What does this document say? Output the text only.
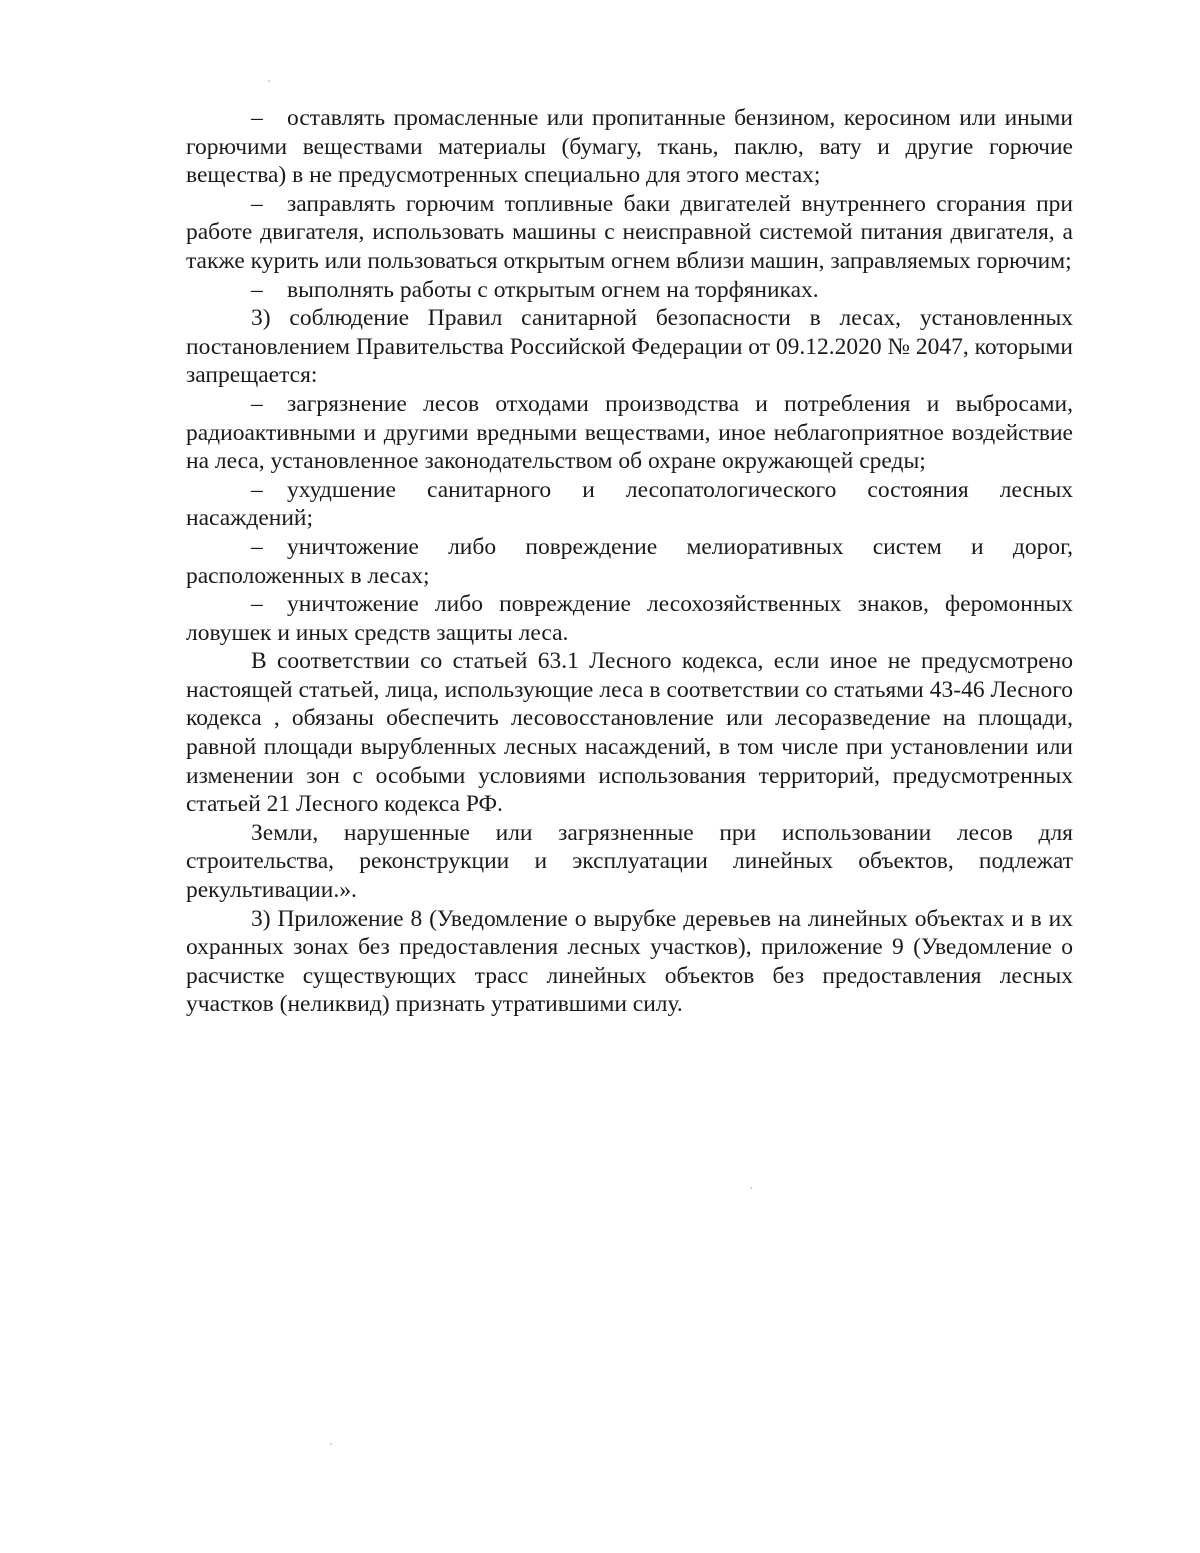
– оставлять промасленные или пропитанные бензином, керосином или иными горючими веществами материалы (бумагу, ткань, паклю, вату и другие горючие вещества) в не предусмотренных специально для этого местах;

– заправлять горючим топливные баки двигателей внутреннего сгорания при работе двигателя, использовать машины с неисправной системой питания двигателя, а также курить или пользоваться открытым огнем вблизи машин, заправляемых горючим;

– выполнять работы с открытым огнем на торфяниках.

3) соблюдение Правил санитарной безопасности в лесах, установленных постановлением Правительства Российской Федерации от 09.12.2020 № 2047, которыми запрещается:

– загрязнение лесов отходами производства и потребления и выбросами, радиоактивными и другими вредными веществами, иное неблагоприятное воздействие на леса, установленное законодательством об охране окружающей среды;

– ухудшение санитарного и лесопатологического состояния лесных насаждений;

– уничтожение либо повреждение мелиоративных систем и дорог, расположенных в лесах;

– уничтожение либо повреждение лесохозяйственных знаков, феромонных ловушек и иных средств защиты леса.

В соответствии со статьей 63.1 Лесного кодекса, если иное не предусмотрено настоящей статьей, лица, использующие леса в соответствии со статьями 43-46 Лесного кодекса , обязаны обеспечить лесовосстановление или лесоразведение на площади, равной площади вырубленных лесных насаждений, в том числе при установлении или изменении зон с особыми условиями использования территорий, предусмотренных статьей 21 Лесного кодекса РФ.

Земли, нарушенные или загрязненные при использовании лесов для строительства, реконструкции и эксплуатации линейных объектов, подлежат рекультивации.».

3) Приложение 8 (Уведомление о вырубке деревьев на линейных объектах и в их охранных зонах без предоставления лесных участков), приложение 9 (Уведомление о расчистке существующих трасс линейных объектов без предоставления лесных участков (неликвид) признать утратившими силу.
